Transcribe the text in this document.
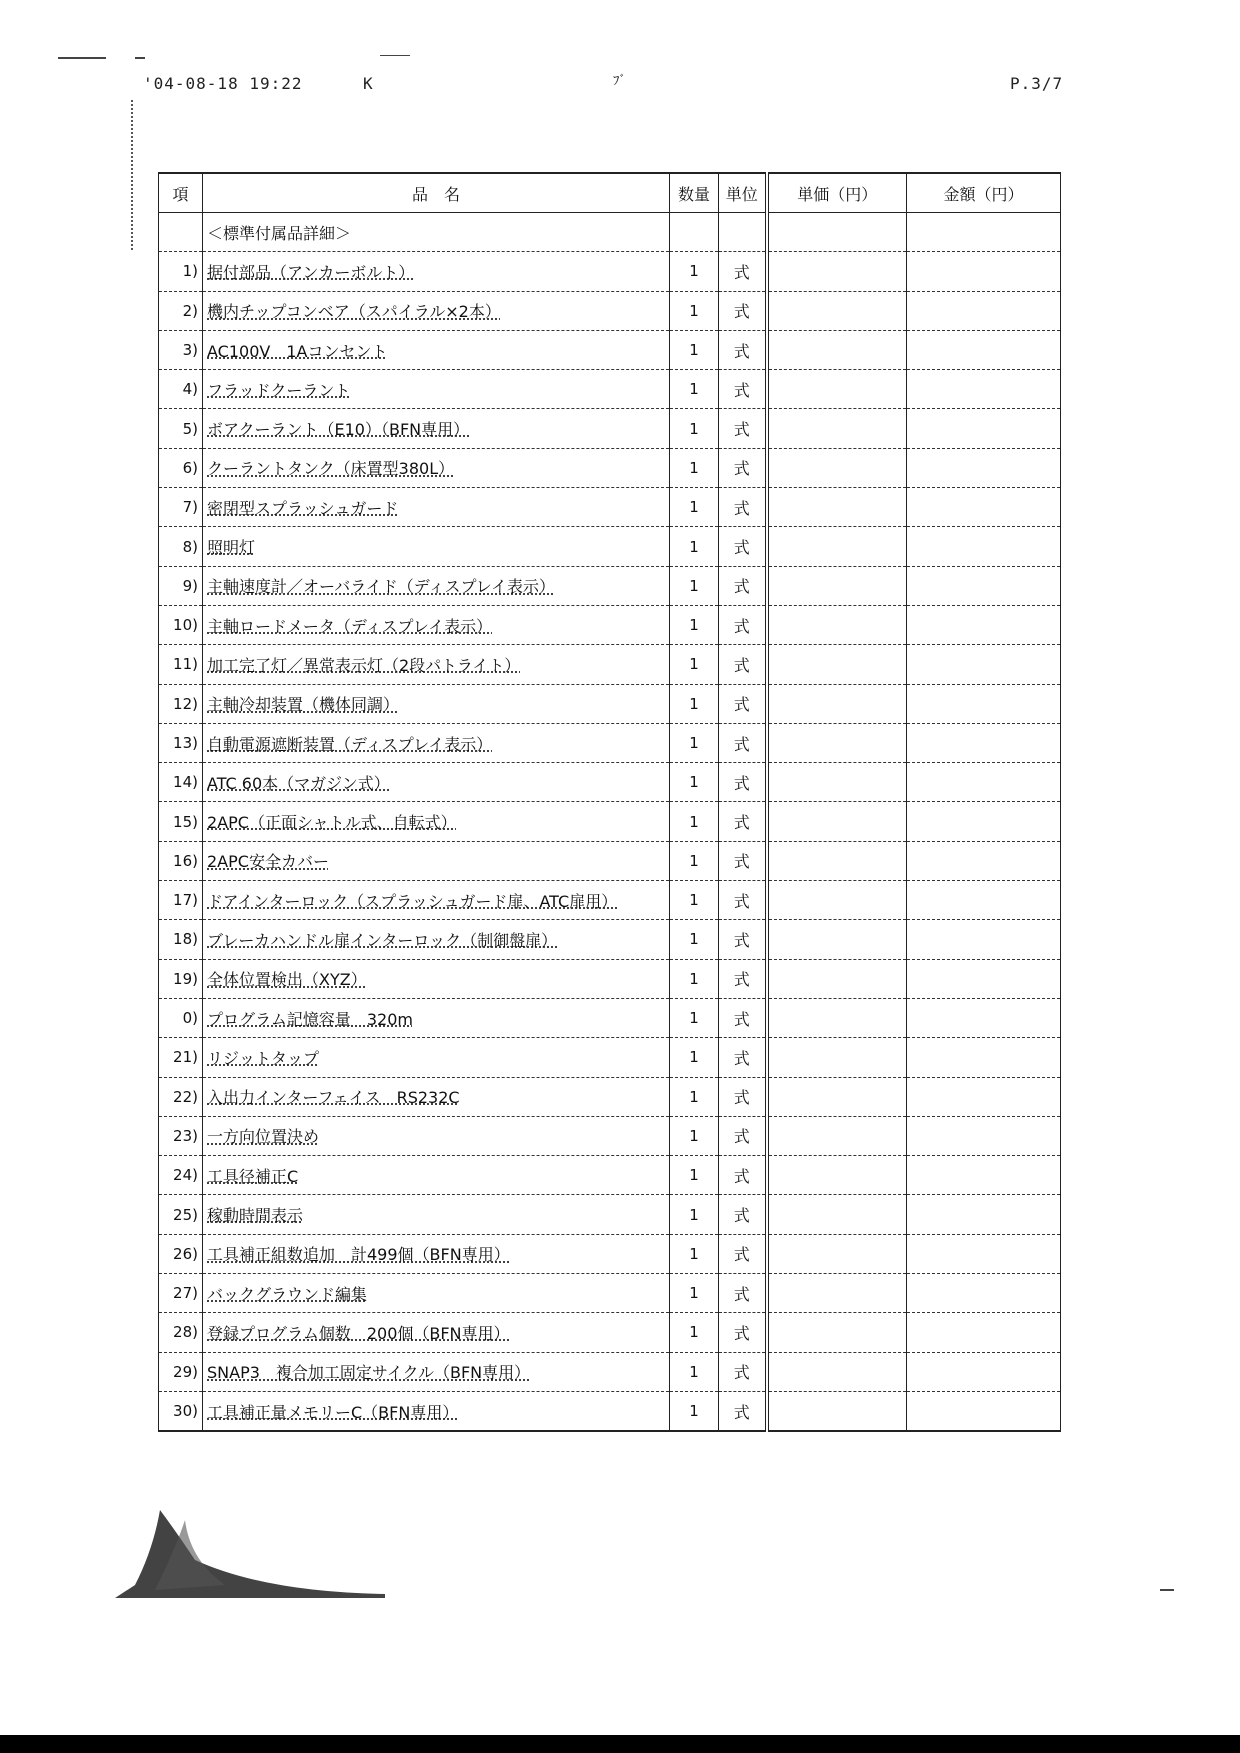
'04-08-18 19:22	K	ﾌﾞ	P.3/7
項	品　名	数量	単位	単価（円）	金額（円）
	＜標準付属品詳細＞				
1)	据付部品（アンカーボルト）	1	式		
2)	機内チップコンベア（スパイラル×2本）	1	式		
3)	AC100V　1Aコンセント	1	式		
4)	フラッドクーラント	1	式		
5)	ボアクーラント（E10）（BFN専用）	1	式		
6)	クーラントタンク（床置型380L）	1	式		
7)	密閉型スプラッシュガード	1	式		
8)	照明灯	1	式		
9)	主軸速度計／オーバライド（ディスプレイ表示）	1	式		
10)	主軸ロードメータ（ディスプレイ表示）	1	式		
11)	加工完了灯／異常表示灯（2段パトライト）	1	式		
12)	主軸冷却装置（機体同調）	1	式		
13)	自動電源遮断装置（ディスプレイ表示）	1	式		
14)	ATC 60本（マガジン式）	1	式		
15)	2APC（正面シャトル式、自転式）	1	式		
16)	2APC安全カバー	1	式		
17)	ドアインターロック（スプラッシュガード扉、ATC扉用）	1	式		
18)	ブレーカハンドル扉インターロック（制御盤扉）	1	式		
19)	全体位置検出（XYZ）	1	式		
0)	プログラム記憶容量　320m	1	式		
21)	リジットタップ	1	式		
22)	入出力インターフェイス　RS232C	1	式		
23)	一方向位置決め	1	式		
24)	工具径補正C	1	式		
25)	稼動時間表示	1	式		
26)	工具補正組数追加　計499個（BFN専用）	1	式		
27)	バックグラウンド編集	1	式		
28)	登録プログラム個数　200個（BFN専用）	1	式		
29)	SNAP3　複合加工固定サイクル（BFN専用）	1	式		
30)	工具補正量メモリーC（BFN専用）	1	式		
